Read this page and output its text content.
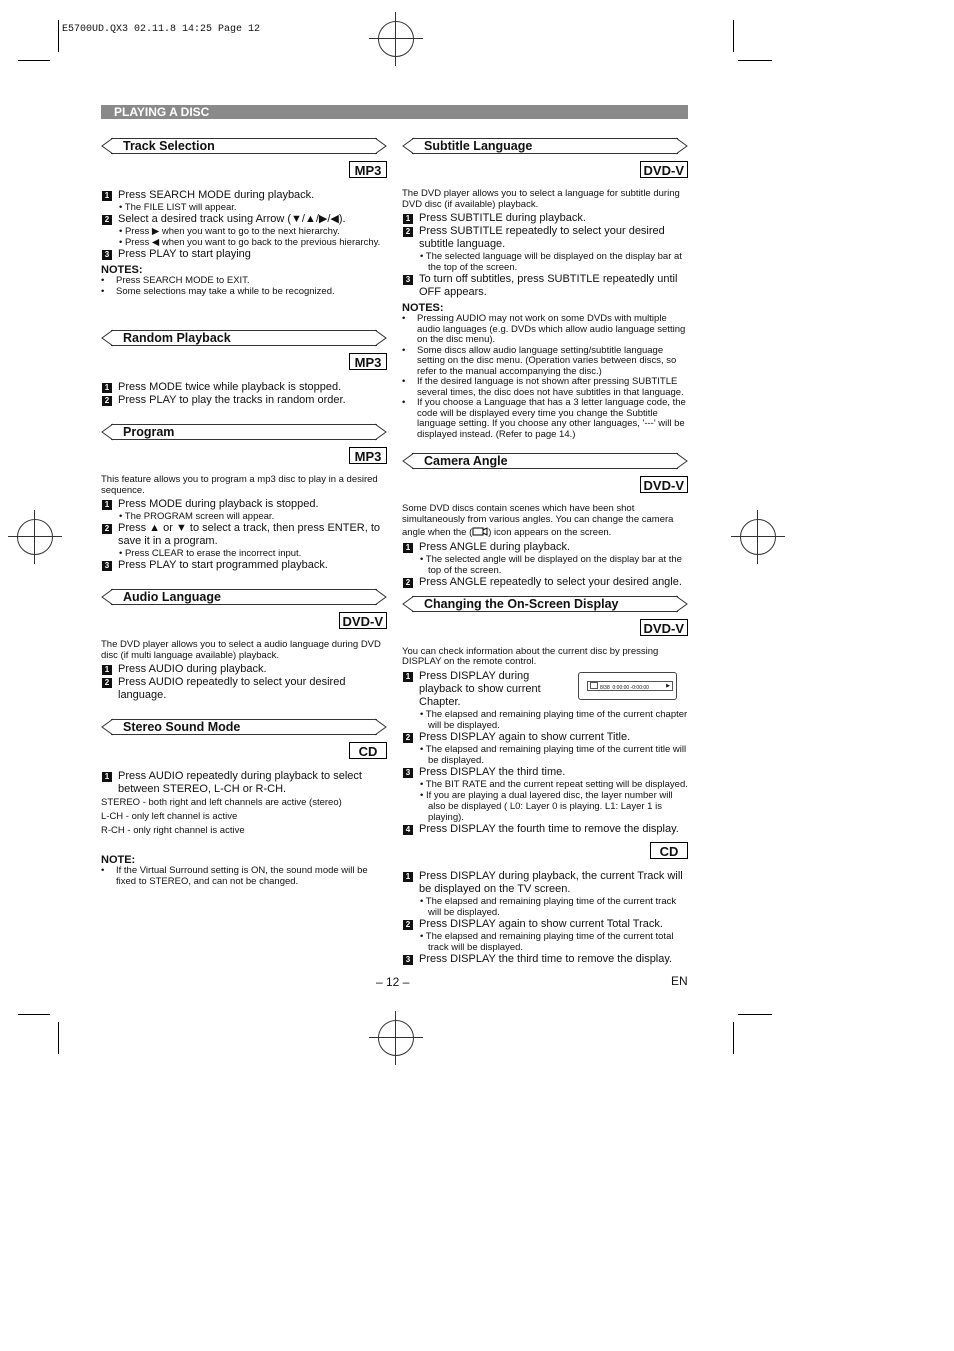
E5700UD.QX3 02.11.8 14:25 Page 12
PLAYING A DISC
Track Selection
MP3

1 Press SEARCH MODE during playback.

• The FILE LIST will appear.

2 Select a desired track using Arrow (▼/▲/▶/◀).

• Press ▶ when you want to go to the next hierarchy.

• Press ◀ when you want to go back to the previous hierarchy.

3 Press PLAY to start playing

NOTES:

• Press SEARCH MODE to EXIT.

• Some selections may take a while to be recognized.

Random Playback
MP3

1 Press MODE twice while playback is stopped.

2 Press PLAY to play the tracks in random order.

Program
MP3

This feature allows you to program a mp3 disc to play in a desired sequence.

1 Press MODE during playback is stopped.

• The PROGRAM screen will appear.

2 Press ▲ or ▼ to select a track, then press ENTER, to save it in a program.

• Press CLEAR to erase the incorrect input.

3 Press PLAY to start programmed playback.

Audio Language
DVD-V

The DVD player allows you to select a audio language during DVD disc (if multi language available) playback.

1 Press AUDIO during playback.

2 Press AUDIO repeatedly to select your desired language.

Stereo Sound Mode
CD

1 Press AUDIO repeatedly during playback to select between STEREO, L-CH or R-CH.

STEREO - both right and left channels are active (stereo)

L-CH - only left channel is active

R-CH - only right channel is active

NOTE:

• If the Virtual Surround setting is ON, the sound mode will be fixed to STEREO, and can not be changed.

Subtitle Language
DVD-V

The DVD player allows you to select a language for subtitle during DVD disc (if available) playback.

1 Press SUBTITLE during playback.

2 Press SUBTITLE repeatedly to select your desired subtitle language.

• The selected language will be displayed on the display bar at the top of the screen.

3 To turn off subtitles, press SUBTITLE repeatedly until OFF appears.

NOTES:

• Pressing AUDIO may not work on some DVDs with multiple audio languages (e.g. DVDs which allow audio language setting on the disc menu).

• Some discs allow audio language setting/subtitle language setting on the disc menu. (Operation varies between discs, so refer to the manual accompanying the disc.)

• If the desired language is not shown after pressing SUBTITLE several times, the disc does not have subtitles in that language.

• If you choose a Language that has a 3 letter language code, the code will be displayed every time you change the Subtitle language setting. If you choose any other languages, '---' will be displayed instead. (Refer to page 14.)

Camera Angle
DVD-V

Some DVD discs contain scenes which have been shot simultaneously from various angles. You can change the camera angle when the ( ) icon appears on the screen.

1 Press ANGLE during playback.

• The selected angle will be displayed on the display bar at the top of the screen.

2 Press ANGLE repeatedly to select your desired angle.

Changing the On-Screen Display
DVD-V

You can check information about the current disc by pressing DISPLAY on the remote control.

8/38 0:00:00 -0:00:00	▶

1 Press DISPLAY during playback to show current Chapter.

• The elapsed and remaining playing time of the current chapter will be displayed.

2 Press DISPLAY again to show current Title.

• The elapsed and remaining playing time of the current title will be displayed.

3 Press DISPLAY the third time.

• The BIT RATE and the current repeat setting will be displayed.

• If you are playing a dual layered disc, the layer number will also be displayed ( L0: Layer 0 is playing. L1: Layer 1 is playing).

4 Press DISPLAY the fourth time to remove the display.

CD

1 Press DISPLAY during playback, the current Track will be displayed on the TV screen.

• The elapsed and remaining playing time of the current track will be displayed.

2 Press DISPLAY again to show current Total Track.

• The elapsed and remaining playing time of the current total track will be displayed.

3 Press DISPLAY the third time to remove the display.

– 12 –	EN
